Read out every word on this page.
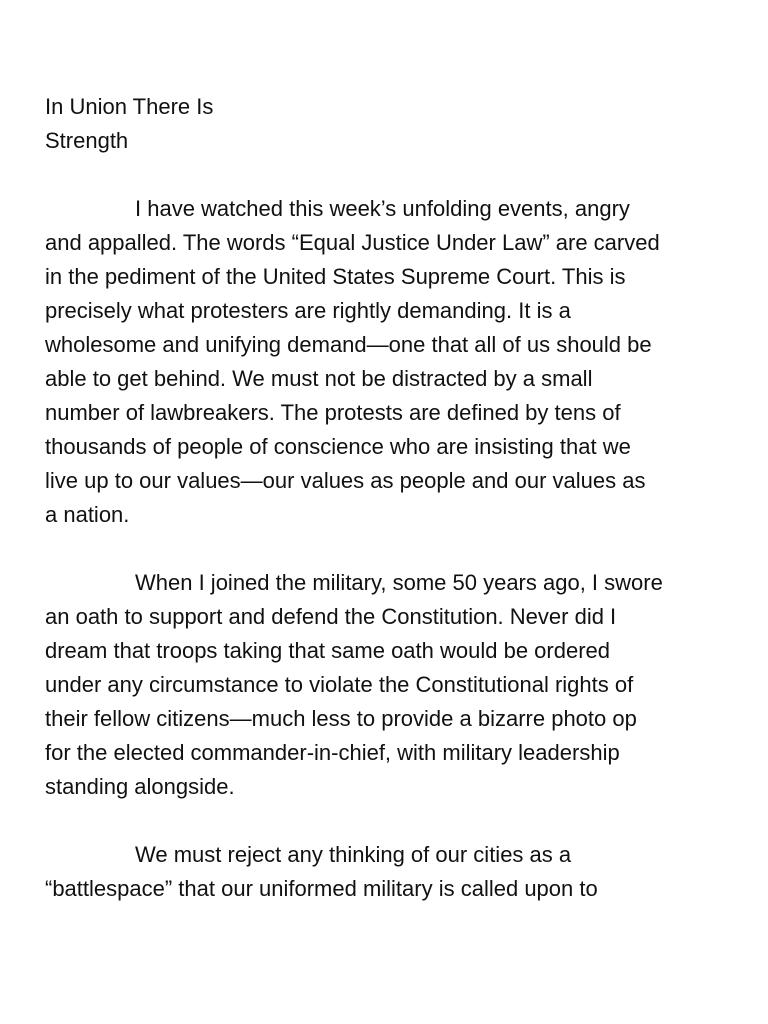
In Union There Is
Strength
I have watched this week’s unfolding events, angry
and appalled. The words “Equal Justice Under Law” are carved
in the pediment of the United States Supreme Court. This is
precisely what protesters are rightly demanding. It is a
wholesome and unifying demand—one that all of us should be
able to get behind. We must not be distracted by a small
number of lawbreakers. The protests are defined by tens of
thousands of people of conscience who are insisting that we
live up to our values—our values as people and our values as
a nation.
When I joined the military, some 50 years ago, I swore
an oath to support and defend the Constitution. Never did I
dream that troops taking that same oath would be ordered
under any circumstance to violate the Constitutional rights of
their fellow citizens—much less to provide a bizarre photo op
for the elected commander-in-chief, with military leadership
standing alongside.
We must reject any thinking of our cities as a
“battlespace” that our uniformed military is called upon to
